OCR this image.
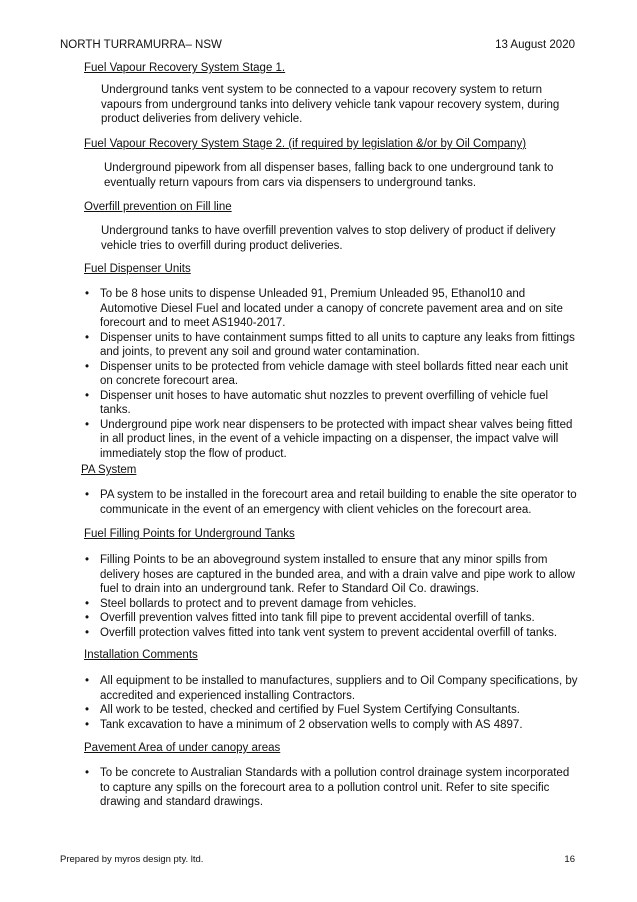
NORTH TURRAMURRA– NSW	13 August 2020
Fuel Vapour Recovery System Stage 1.
Underground tanks vent system to be connected to a vapour recovery system to return vapours from underground tanks into delivery vehicle tank vapour recovery system, during product deliveries from delivery vehicle.
Fuel Vapour Recovery System Stage 2. (if required by legislation &/or by Oil Company)
Underground pipework from all dispenser bases, falling back to one underground tank to eventually return vapours from cars via dispensers to underground tanks.
Overfill prevention on Fill line
Underground tanks to have overfill prevention valves to stop delivery of product if delivery vehicle tries to overfill during product deliveries.
Fuel Dispenser Units
• To be 8 hose units to dispense Unleaded 91, Premium Unleaded 95, Ethanol10 and Automotive Diesel Fuel and located under a canopy of concrete pavement area and on site forecourt and to meet AS1940-2017.
• Dispenser units to have containment sumps fitted to all units to capture any leaks from fittings and joints, to prevent any soil and ground water contamination.
• Dispenser units to be protected from vehicle damage with steel bollards fitted near each unit on concrete forecourt area.
• Dispenser unit hoses to have automatic shut nozzles to prevent overfilling of vehicle fuel tanks.
• Underground pipe work near dispensers to be protected with impact shear valves being fitted in all product lines, in the event of a vehicle impacting on a dispenser, the impact valve will immediately stop the flow of product.
PA System
• PA system to be installed in the forecourt area and retail building to enable the site operator to communicate in the event of an emergency with client vehicles on the forecourt area.
Fuel Filling Points for Underground Tanks
• Filling Points to be an aboveground system installed to ensure that any minor spills from delivery hoses are captured in the bunded area, and with a drain valve and pipe work to allow fuel to drain into an underground tank. Refer to Standard Oil Co. drawings.
• Steel bollards to protect and to prevent damage from vehicles.
• Overfill prevention valves fitted into tank fill pipe to prevent accidental overfill of tanks.
• Overfill protection valves fitted into tank vent system to prevent accidental overfill of tanks.
Installation Comments
• All equipment to be installed to manufactures, suppliers and to Oil Company specifications, by accredited and experienced installing Contractors.
• All work to be tested, checked and certified by Fuel System Certifying Consultants.
• Tank excavation to have a minimum of 2 observation wells to comply with AS 4897.
Pavement Area of under canopy areas
• To be concrete to Australian Standards with a pollution control drainage system incorporated to capture any spills on the forecourt area to a pollution control unit. Refer to site specific drawing and standard drawings.
Prepared by myros design pty. ltd.	16
